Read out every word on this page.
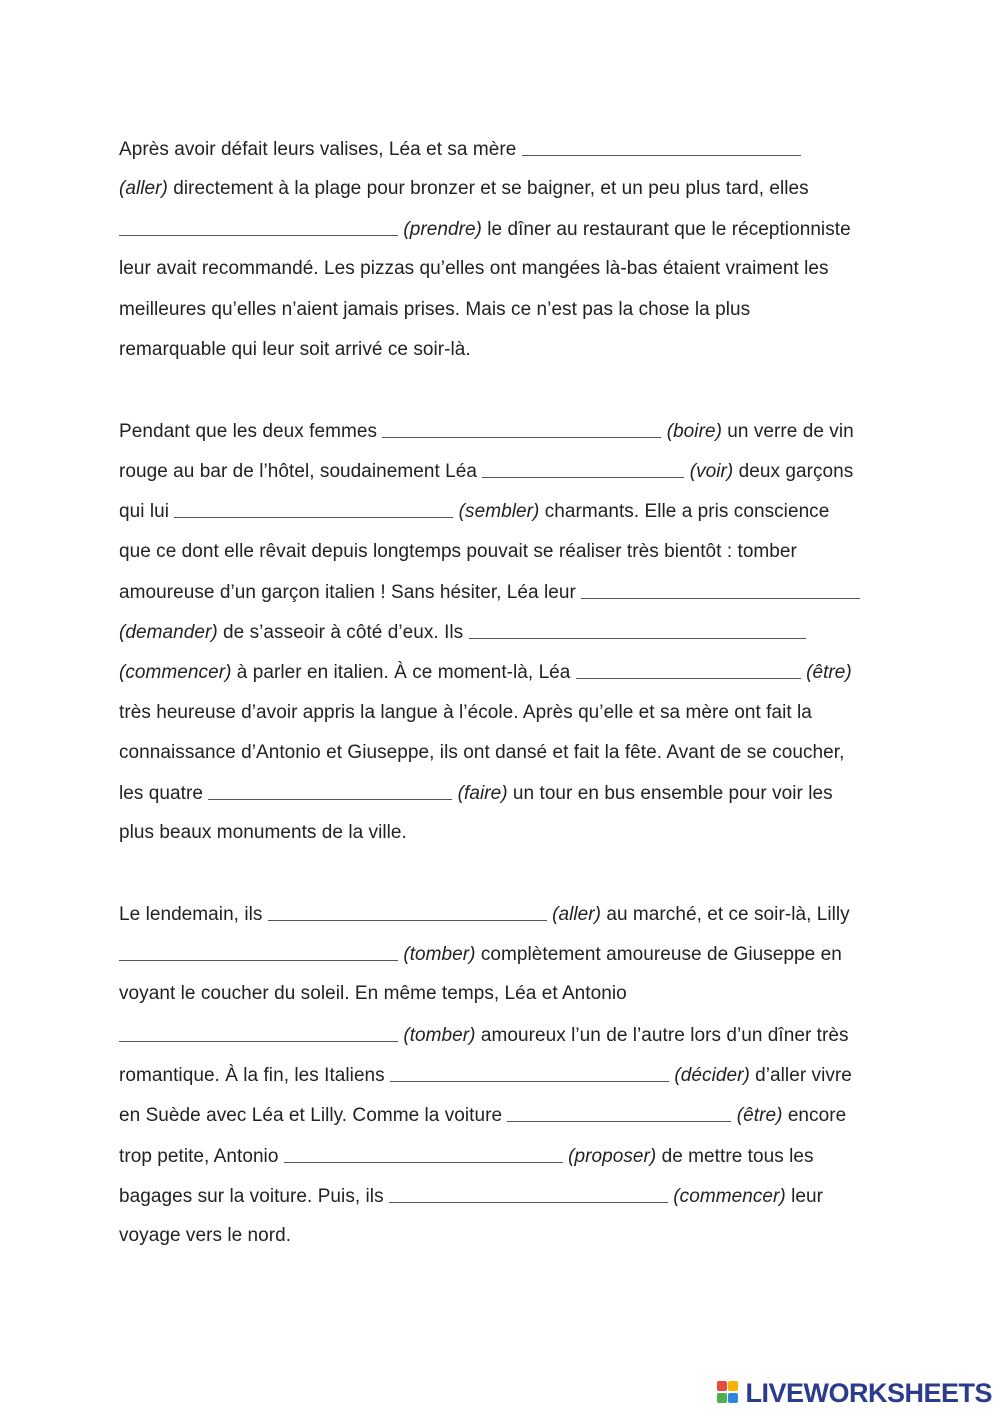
Après avoir défait leurs valises, Léa et sa mère
(aller) directement à la plage pour bronzer et se baigner, et un peu plus tard, elles
(prendre) le dîner au restaurant que le réceptionniste
leur avait recommandé. Les pizzas qu’elles ont mangées là-bas étaient vraiment les
meilleures qu’elles n’aient jamais prises. Mais ce n’est pas la chose la plus
remarquable qui leur soit arrivé ce soir-là.
Pendant que les deux femmes	(boire) un verre de vin
rouge au bar de l’hôtel, soudainement Léa	(voir) deux garçons
qui lui	(sembler) charmants. Elle a pris conscience
que ce dont elle rêvait depuis longtemps pouvait se réaliser très bientôt : tomber
amoureuse d’un garçon italien ! Sans hésiter, Léa leur
(demander) de s’asseoir à côté d’eux. Ils
(commencer) à parler en italien. À ce moment-là, Léa	(être)
très heureuse d’avoir appris la langue à l’école. Après qu’elle et sa mère ont fait la
connaissance d’Antonio et Giuseppe, ils ont dansé et fait la fête. Avant de se coucher,
les quatre	(faire) un tour en bus ensemble pour voir les
plus beaux monuments de la ville.
Le lendemain, ils	(aller) au marché, et ce soir-là, Lilly
(tomber) complètement amoureuse de Giuseppe en
voyant le coucher du soleil. En même temps, Léa et Antonio
(tomber) amoureux l’un de l’autre lors d’un dîner très
romantique. À la fin, les Italiens	(décider) d’aller vivre
en Suède avec Léa et Lilly. Comme la voiture	(être) encore
trop petite, Antonio	(proposer) de mettre tous les
bagages sur la voiture. Puis, ils	(commencer) leur
voyage vers le nord.
LIVEWORKSHEETS
